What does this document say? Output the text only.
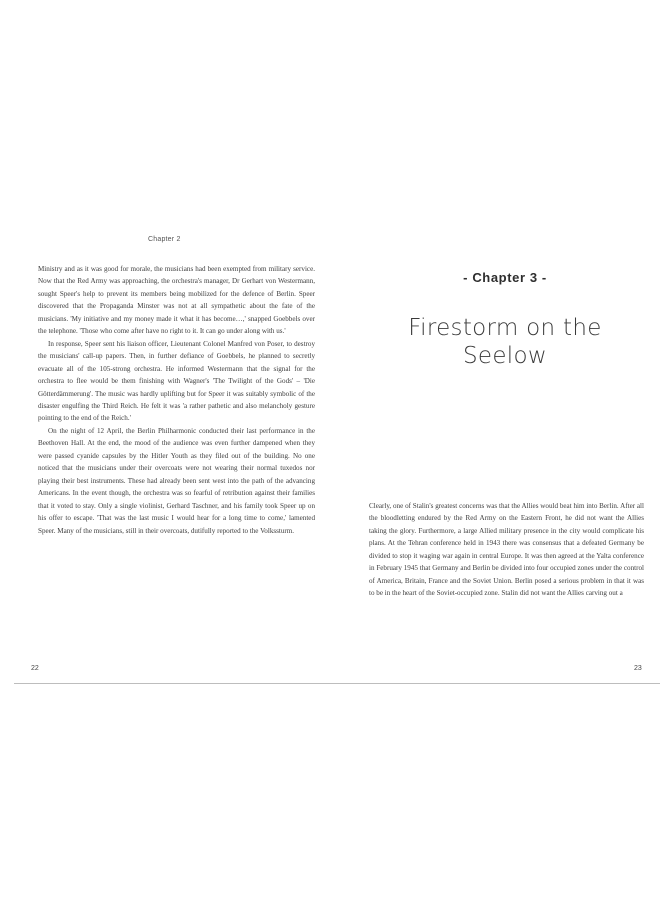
Chapter 2

Ministry and as it was good for morale, the musicians had been exempted from military service. Now that the Red Army was approaching, the orchestra's manager, Dr Gerhart von Westermann, sought Speer's help to prevent its members being mobilized for the defence of Berlin. Speer discovered that the Propaganda Minster was not at all sympathetic about the fate of the musicians. 'My initiative and my money made it what it has become…,' snapped Goebbels over the telephone. 'Those who come after have no right to it. It can go under along with us.'

In response, Speer sent his liaison officer, Lieutenant Colonel Manfred von Poser, to destroy the musicians' call-up papers. Then, in further defiance of Goebbels, he planned to secretly evacuate all of the 105-strong orchestra. He informed Westermann that the signal for the orchestra to flee would be them finishing with Wagner's 'The Twilight of the Gods' – 'Die Götterdämmerung'. The music was hardly uplifting but for Speer it was suitably symbolic of the disaster engulfing the Third Reich. He felt it was 'a rather pathetic and also melancholy gesture pointing to the end of the Reich.'

On the night of 12 April, the Berlin Philharmonic conducted their last performance in the Beethoven Hall. At the end, the mood of the audience was even further dampened when they were passed cyanide capsules by the Hitler Youth as they filed out of the building. No one noticed that the musicians under their overcoats were not wearing their normal tuxedos nor playing their best instruments. These had already been sent west into the path of the advancing Americans. In the event though, the orchestra was so fearful of retribution against their families that it voted to stay. Only a single violinist, Gerhard Taschner, and his family took Speer up on his offer to escape. 'That was the last music I would hear for a long time to come,' lamented Speer. Many of the musicians, still in their overcoats, dutifully reported to the Volkssturm.

22
- Chapter 3 -
Firestorm on the
Seelow

Clearly, one of Stalin's greatest concerns was that the Allies would beat him into Berlin. After all the bloodletting endured by the Red Army on the Eastern Front, he did not want the Allies taking the glory. Furthermore, a large Allied military presence in the city would complicate his plans. At the Tehran conference held in 1943 there was consensus that a defeated Germany be divided to stop it waging war again in central Europe. It was then agreed at the Yalta conference in February 1945 that Germany and Berlin be divided into four occupied zones under the control of America, Britain, France and the Soviet Union. Berlin posed a serious problem in that it was to be in the heart of the Soviet-occupied zone. Stalin did not want the Allies carving out a

23
